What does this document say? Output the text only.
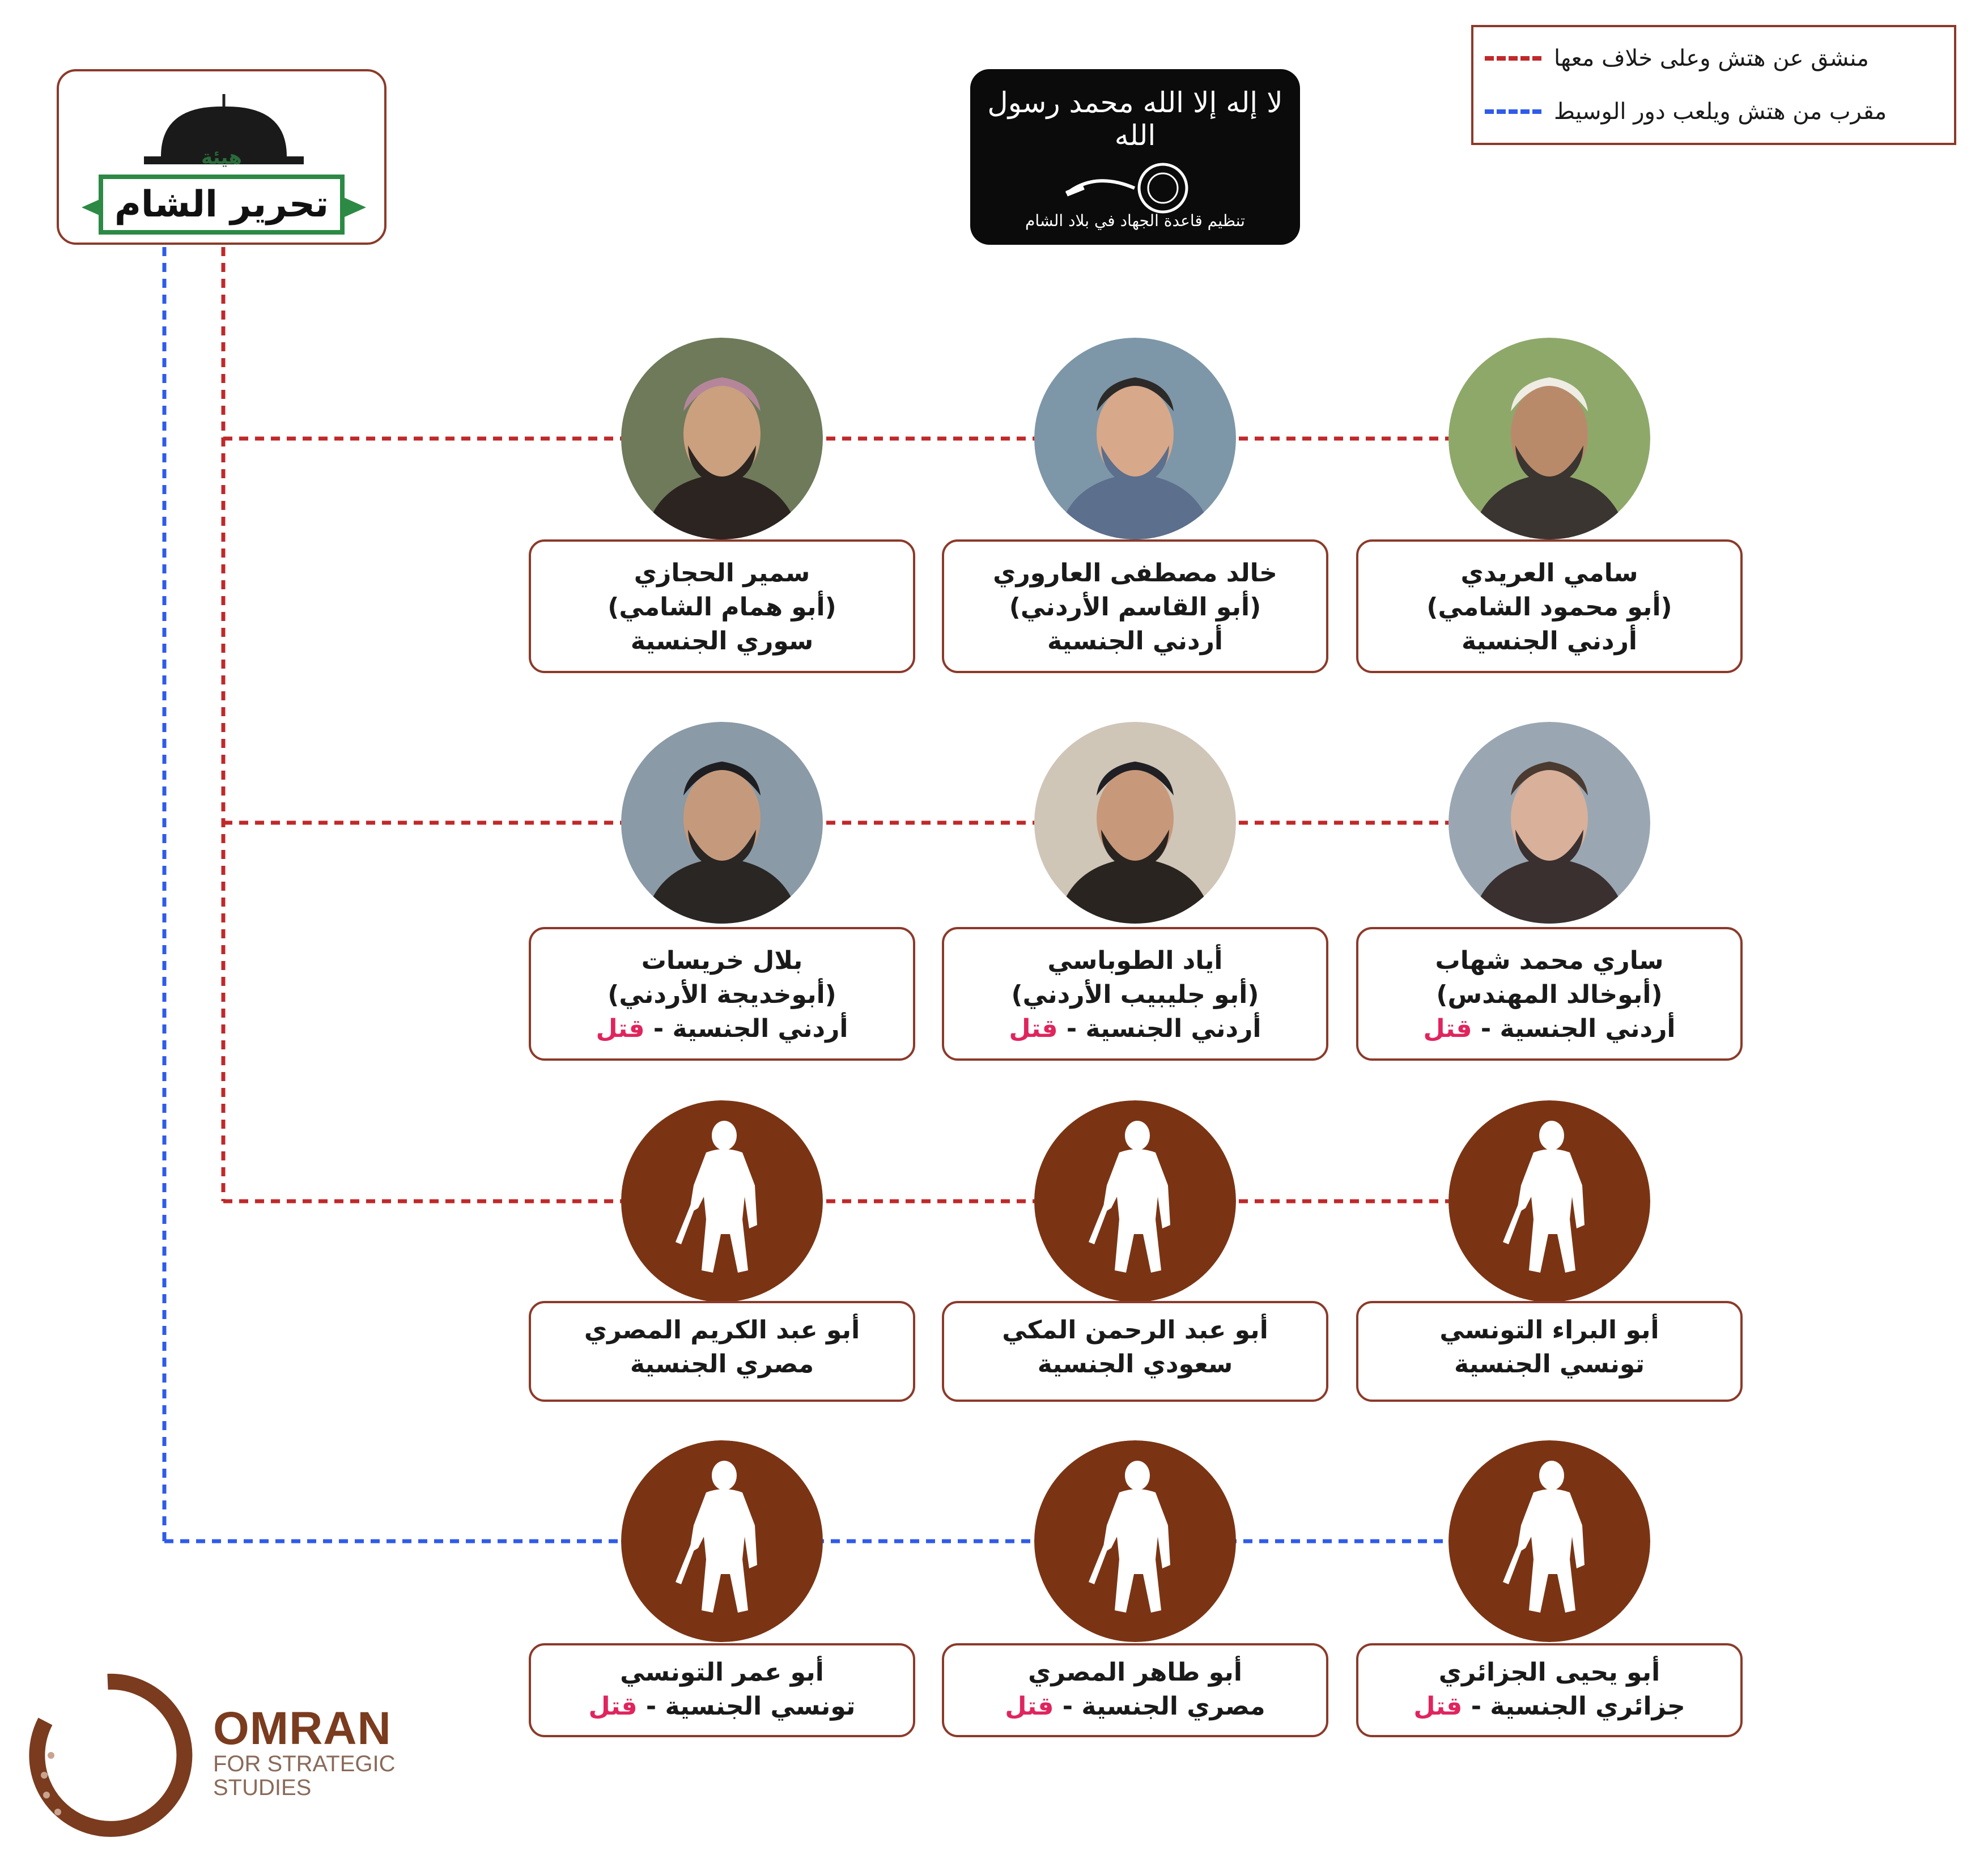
منشق عن هتش وعلى خلاف معها
مقرب من هتش ويلعب دور الوسيط
هيئة
تحرير الشام
لا إله إلا الله محمد رسول الله
تنظيم قاعدة الجهاد في بلاد الشام
سمير الحجازي
(أبو همام الشامي)
سوري الجنسية
خالد مصطفى العاروري
(أبو القاسم الأردني)
أردني الجنسية
سامي العريدي
(أبو محمود الشامي)
أردني الجنسية
بلال خريسات
(أبوخديجة الأردني)
أردني الجنسية - قتل
أياد الطوباسي
(أبو جليبيب الأردني)
أردني الجنسية - قتل
ساري محمد شهاب
(أبوخالد المهندس)
أردني الجنسية - قتل
أبو عبد الكريم المصري
مصري الجنسية
أبو عبد الرحمن المكي
سعودي الجنسية
أبو البراء التونسي
تونسي الجنسية
أبو عمر التونسي
تونسي الجنسية - قتل
أبو طاهر المصري
مصري الجنسية - قتل
أبو يحيى الجزائري
جزائري الجنسية - قتل
OMRAN
FOR STRATEGIC
STUDIES
